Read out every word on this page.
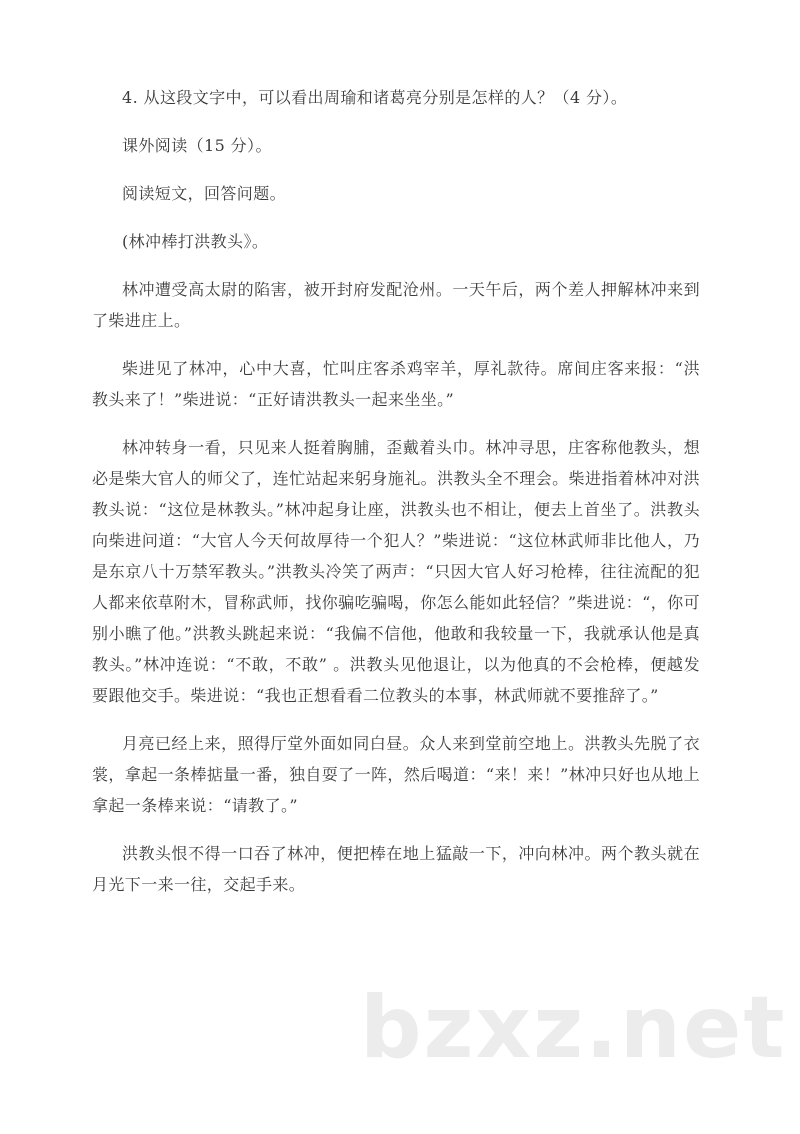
4. 从这段文字中，可以看出周瑜和诸葛亮分别是怎样的人？（4 分）。

课外阅读（15 分）。

阅读短文，回答问题。

(林冲棒打洪教头》。

林冲遭受高太尉的陷害，被开封府发配沧州。一天午后，两个差人押解林冲来到了柴进庄上。

柴进见了林冲，心中大喜，忙叫庄客杀鸡宰羊，厚礼款待。席间庄客来报：“洪教头来了！”柴进说：“正好请洪教头一起来坐坐。”

林冲转身一看，只见来人挺着胸脯，歪戴着头巾。林冲寻思，庄客称他教头，想必是柴大官人的师父了，连忙站起来躬身施礼。洪教头全不理会。柴进指着林冲对洪教头说：“这位是林教头。”林冲起身让座，洪教头也不相让，便去上首坐了。洪教头向柴进问道：“大官人今天何故厚待一个犯人？”柴进说：“这位林武师非比他人，乃是东京八十万禁军教头。”洪教头冷笑了两声：“只因大官人好习枪棒，往往流配的犯人都来依草附木，冒称武师，找你骗吃骗喝，你怎么能如此轻信？”柴进说：“，你可别小瞧了他。”洪教头跳起来说：“我偏不信他，他敢和我较量一下，我就承认他是真教头。”林冲连说：“不敢，不敢” 。洪教头见他退让，以为他真的不会枪棒，便越发要跟他交手。柴进说：“我也正想看看二位教头的本事，林武师就不要推辞了。”

月亮已经上来，照得厅堂外面如同白昼。众人来到堂前空地上。洪教头先脱了衣裳，拿起一条棒掂量一番，独自耍了一阵，然后喝道：“来！来！”林冲只好也从地上拿起一条棒来说：“请教了。”

洪教头恨不得一口吞了林冲，便把棒在地上猛敲一下，冲向林冲。两个教头就在月光下一来一往，交起手来。

bzxz.net
